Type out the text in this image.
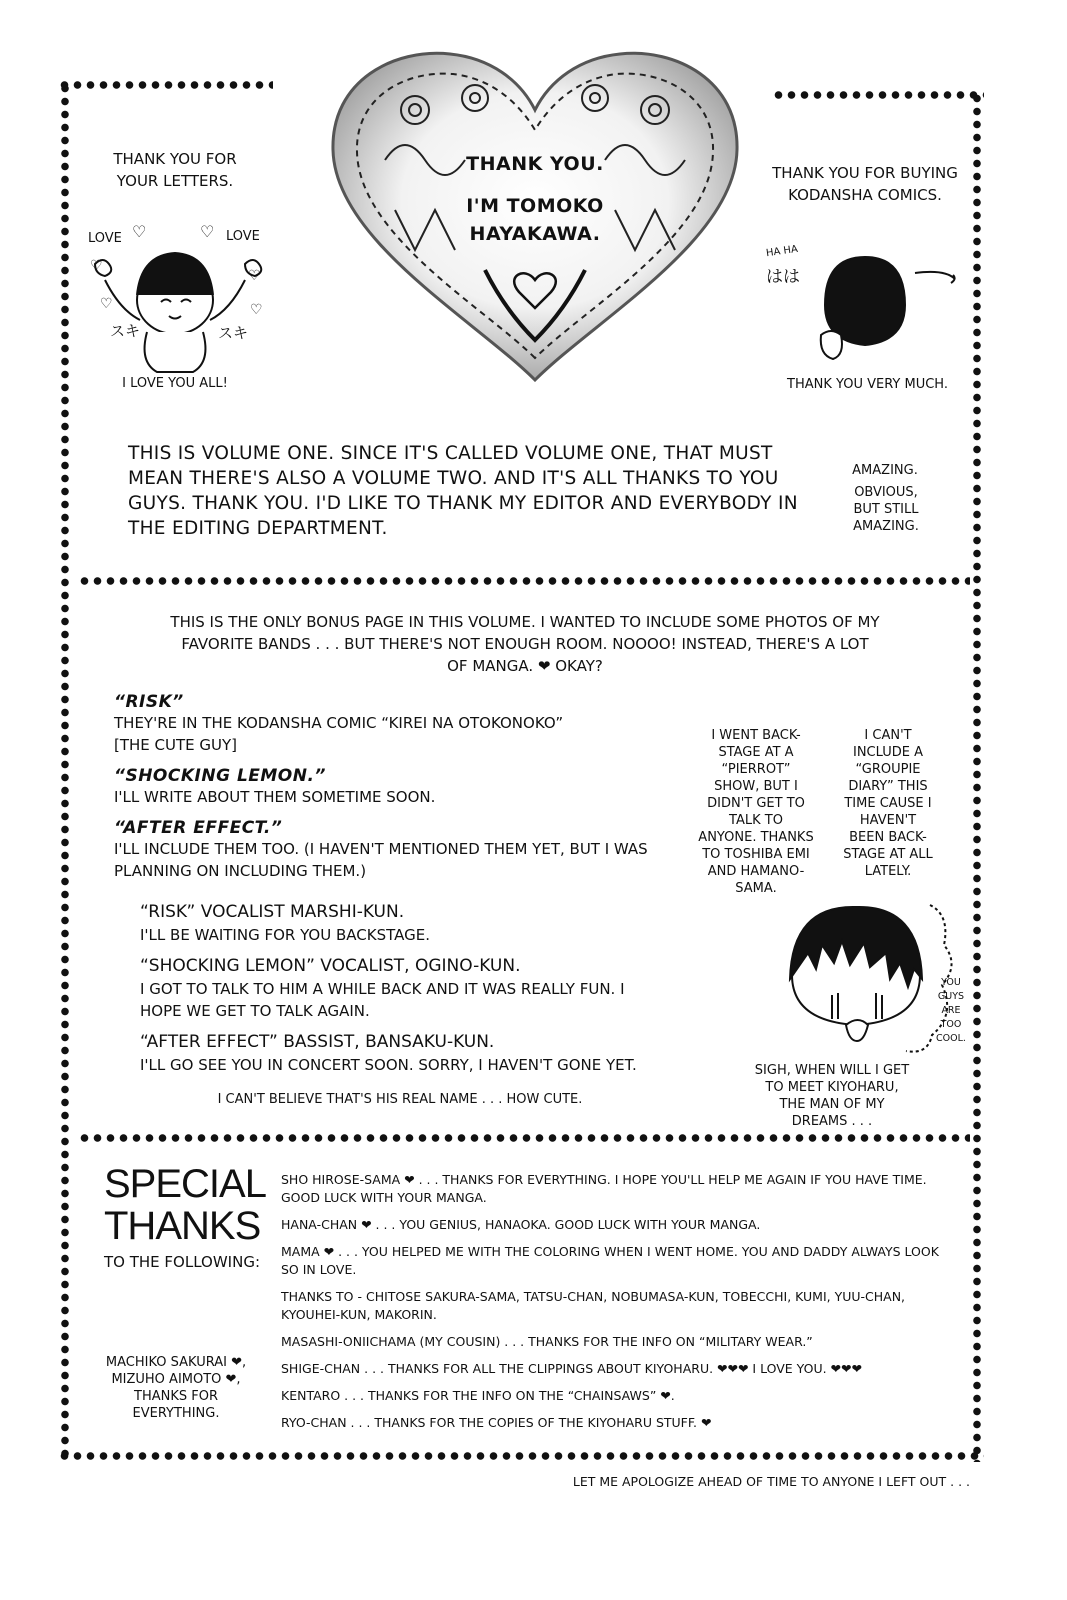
THANK YOU.
I'M TOMOKO
HAYAKAWA.
THANK YOU FOR YOUR LETTERS.
LOVE	LOVE
♡	♡
♡
♡
♡
♡
スキ	スキ
I LOVE YOU ALL!
THANK YOU FOR BUYING KODANSHA COMICS.
HA HA
はは
THANK YOU VERY MUCH.
THIS IS VOLUME ONE. SINCE IT'S CALLED VOLUME ONE, THAT MUST MEAN THERE'S ALSO A VOLUME TWO. AND IT'S ALL THANKS TO YOU GUYS. THANK YOU. I'D LIKE TO THANK MY EDITOR AND EVERYBODY IN THE EDITING DEPARTMENT.
AMAZING.
OBVIOUS, BUT STILL AMAZING.
THIS IS THE ONLY BONUS PAGE IN THIS VOLUME. I WANTED TO INCLUDE SOME PHOTOS OF MY FAVORITE BANDS . . . BUT THERE'S NOT ENOUGH ROOM. NOOOO! INSTEAD, THERE'S A LOT OF MANGA. ❤ OKAY?
“RISK”
THEY'RE IN THE KODANSHA COMIC “KIREI NA OTOKONOKO” [THE CUTE GUY]
“SHOCKING LEMON.”
I'LL WRITE ABOUT THEM SOMETIME SOON.
“AFTER EFFECT.”
I'LL INCLUDE THEM TOO. (I HAVEN'T MENTIONED THEM YET, BUT I WAS PLANNING ON INCLUDING THEM.)
“RISK” VOCALIST MARSHI-KUN.
I'LL BE WAITING FOR YOU BACKSTAGE.
“SHOCKING LEMON” VOCALIST, OGINO-KUN.
I GOT TO TALK TO HIM A WHILE BACK AND IT WAS REALLY FUN. I HOPE WE GET TO TALK AGAIN.
“AFTER EFFECT” BASSIST, BANSAKU-KUN.
I'LL GO SEE YOU IN CONCERT SOON. SORRY, I HAVEN'T GONE YET.
I CAN'T BELIEVE THAT'S HIS REAL NAME . . . HOW CUTE.
I WENT BACK-STAGE AT A “PIERROT” SHOW, BUT I DIDN'T GET TO TALK TO ANYONE. THANKS TO TOSHIBA EMI AND HAMANO-SAMA.
I CAN'T INCLUDE A “GROUPIE DIARY” THIS TIME CAUSE I HAVEN'T BEEN BACK-STAGE AT ALL LATELY.
YOU GUYS ARE TOO COOL.
SIGH, WHEN WILL I GET TO MEET KIYOHARU, THE MAN OF MY DREAMS . . .
SPECIAL
THANKS
TO THE FOLLOWING:
MACHIKO SAKURAI ❤, MIZUHO AIMOTO ❤, THANKS FOR EVERYTHING.
SHO HIROSE-SAMA ❤ . . . THANKS FOR EVERYTHING. I HOPE YOU'LL HELP ME AGAIN IF YOU HAVE TIME. GOOD LUCK WITH YOUR MANGA.
HANA-CHAN ❤ . . . YOU GENIUS, HANAOKA. GOOD LUCK WITH YOUR MANGA.
MAMA ❤ . . . YOU HELPED ME WITH THE COLORING WHEN I WENT HOME. YOU AND DADDY ALWAYS LOOK SO IN LOVE.
THANKS TO - CHITOSE SAKURA-SAMA, TATSU-CHAN, NOBUMASA-KUN, TOBECCHI, KUMI, YUU-CHAN, KYOUHEI-KUN, MAKORIN.
MASASHI-ONIICHAMA (MY COUSIN) . . . THANKS FOR THE INFO ON “MILITARY WEAR.”
SHIGE-CHAN . . . THANKS FOR ALL THE CLIPPINGS ABOUT KIYOHARU. ❤❤❤ I LOVE YOU. ❤❤❤
KENTARO . . . THANKS FOR THE INFO ON THE “CHAINSAWS” ❤.
RYO-CHAN . . . THANKS FOR THE COPIES OF THE KIYOHARU STUFF. ❤
LET ME APOLOGIZE AHEAD OF TIME TO ANYONE I LEFT OUT . . .
